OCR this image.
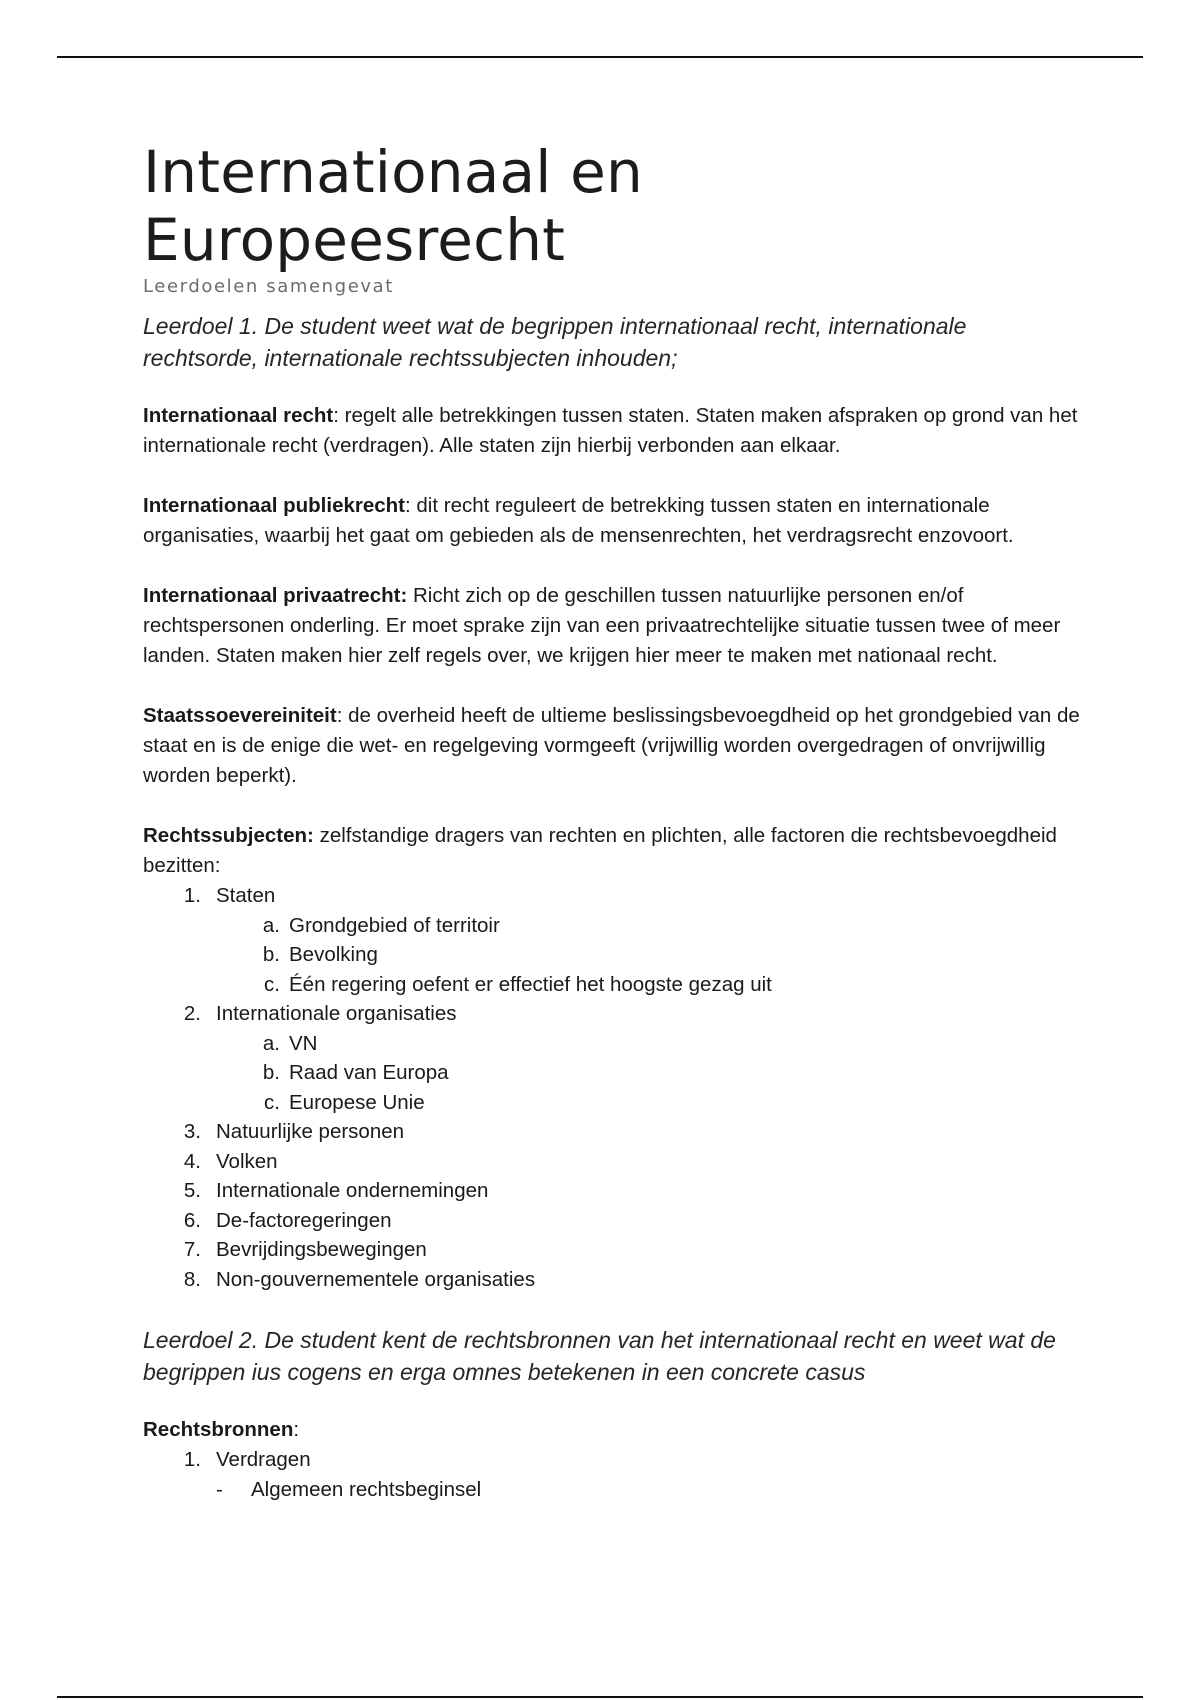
Internationaal en Europeesrecht
Leerdoelen samengevat

Leerdoel 1. De student weet wat de begrippen internationaal recht, internationale rechtsorde, internationale rechtssubjecten inhouden;

Internationaal recht: regelt alle betrekkingen tussen staten. Staten maken afspraken op grond van het internationale recht (verdragen). Alle staten zijn hierbij verbonden aan elkaar.

Internationaal publiekrecht: dit recht reguleert de betrekking tussen staten en internationale organisaties, waarbij het gaat om gebieden als de mensenrechten, het verdragsrecht enzovoort.

Internationaal privaatrecht: Richt zich op de geschillen tussen natuurlijke personen en/of rechtspersonen onderling. Er moet sprake zijn van een privaatrechtelijke situatie tussen twee of meer landen. Staten maken hier zelf regels over, we krijgen hier meer te maken met nationaal recht.

Staatssoevereiniteit: de overheid heeft de ultieme beslissingsbevoegdheid op het grondgebied van de staat en is de enige die wet- en regelgeving vormgeeft (vrijwillig worden overgedragen of onvrijwillig worden beperkt).

Rechtssubjecten: zelfstandige dragers van rechten en plichten, alle factoren die rechtsbevoegdheid bezitten:

1. Staten
a. Grondgebied of territoir
b. Bevolking
c. Één regering oefent er effectief het hoogste gezag uit
2. Internationale organisaties
a. VN
b. Raad van Europa
c. Europese Unie
3. Natuurlijke personen
4. Volken
5. Internationale ondernemingen
6. De-factoregeringen
7. Bevrijdingsbewegingen
8. Non-gouvernementele organisaties

Leerdoel 2. De student kent de rechtsbronnen van het internationaal recht en weet wat de begrippen ius cogens en erga omnes betekenen in een concrete casus

Rechtsbronnen:

1. Verdragen
- Algemeen rechtsbeginsel
